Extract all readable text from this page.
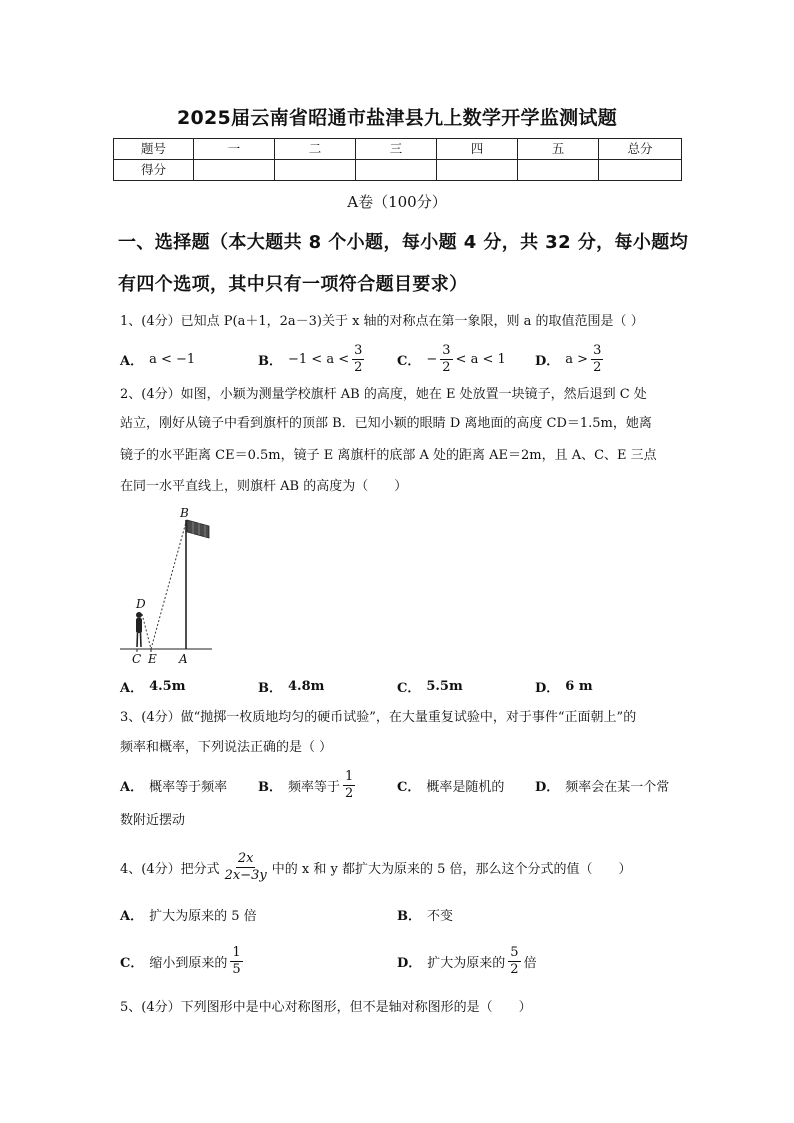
2025届云南省昭通市盐津县九上数学开学监测试题
题号	一	二	三	四	五	总分
得分						
A卷（100分）
一、选择题（本大题共 8 个小题，每小题 4 分，共 32 分，每小题均
有四个选项，其中只有一项符合题目要求）
1、(4分）已知点 P(a＋1，2a－3)关于 x 轴的对称点在第一象限，则 a 的取值范围是（ ）
A． a < −1	B． $-1 < a < \frac{3}{2}$	C． − $\frac{3}{2} < a < 1$ D． $a > \frac{3}{2}$
2、(4分）如图，小颖为测量学校旗杆 AB 的高度，她在 E 处放置一块镜子，然后退到 C 处
站立，刚好从镜子中看到旗杆的顶部 B．已知小颖的眼睛 D 离地面的高度 CD＝1.5m，她离
镜子的水平距离 CE＝0.5m，镜子 E 离旗杆的底部 A 处的距离 AE＝2m，且 A、C、E 三点
在同一水平直线上，则旗杆 AB 的高度为（　　）
B
D
C E A
A． 4.5m	B． 4.8m	C． 5.5m	D． 6 m
3、(4分）做“抛掷一枚质地均匀的硬币试验”，在大量重复试验中，对于事件“正面朝上”的
频率和概率，下列说法正确的是（ ）
A． 概率等于频率 B． 频率等于 $\frac{1}{2}$	C． 概率是随机的 D． 频率会在某一个常
数附近摆动
4、(4分）把分式 $\frac{2x}{2x-3y}$ 中的 x 和 y 都扩大为原来的 5 倍，那么这个分式的值（　　）
A． 扩大为原来的 5 倍	B． 不变
C． 缩小到原来的 $\frac{1}{5}$	D． 扩大为原来的 $\frac{5}{2}$ 倍
5、(4分）下列图形中是中心对称图形，但不是轴对称图形的是（　　）
